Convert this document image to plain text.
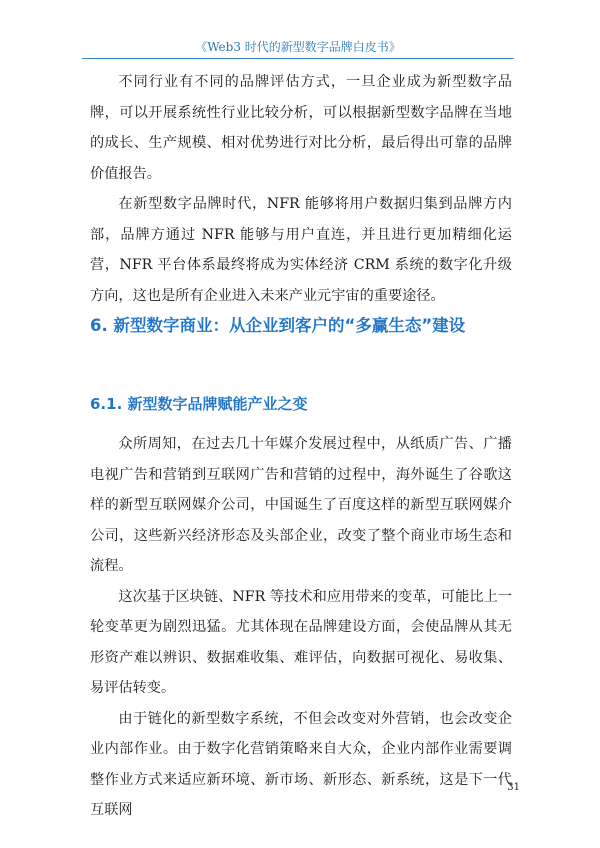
《Web3 时代的新型数字品牌白皮书》

不同行业有不同的品牌评估方式，一旦企业成为新型数字品牌，可以开展系统性行业比较分析，可以根据新型数字品牌在当地的成长、生产规模、相对优势进行对比分析，最后得出可靠的品牌价值报告。

在新型数字品牌时代，NFR 能够将用户数据归集到品牌方内部，品牌方通过 NFR 能够与用户直连，并且进行更加精细化运营，NFR 平台体系最终将成为实体经济 CRM 系统的数字化升级方向，这也是所有企业进入未来产业元宇宙的重要途径。

6. 新型数字商业：从企业到客户的“多赢生态”建设
6.1. 新型数字品牌赋能产业之变

众所周知，在过去几十年媒介发展过程中，从纸质广告、广播电视广告和营销到互联网广告和营销的过程中，海外诞生了谷歌这样的新型互联网媒介公司，中国诞生了百度这样的新型互联网媒介公司，这些新兴经济形态及头部企业，改变了整个商业市场生态和流程。

这次基于区块链、NFR 等技术和应用带来的变革，可能比上一轮变革更为剧烈迅猛。尤其体现在品牌建设方面，会使品牌从其无形资产难以辨识、数据难收集、难评估，向数据可视化、易收集、易评估转变。

由于链化的新型数字系统，不但会改变对外营销，也会改变企业内部作业。由于数字化营销策略来自大众，企业内部作业需要调整作业方式来适应新环境、新市场、新形态、新系统，这是下一代互联网

31
